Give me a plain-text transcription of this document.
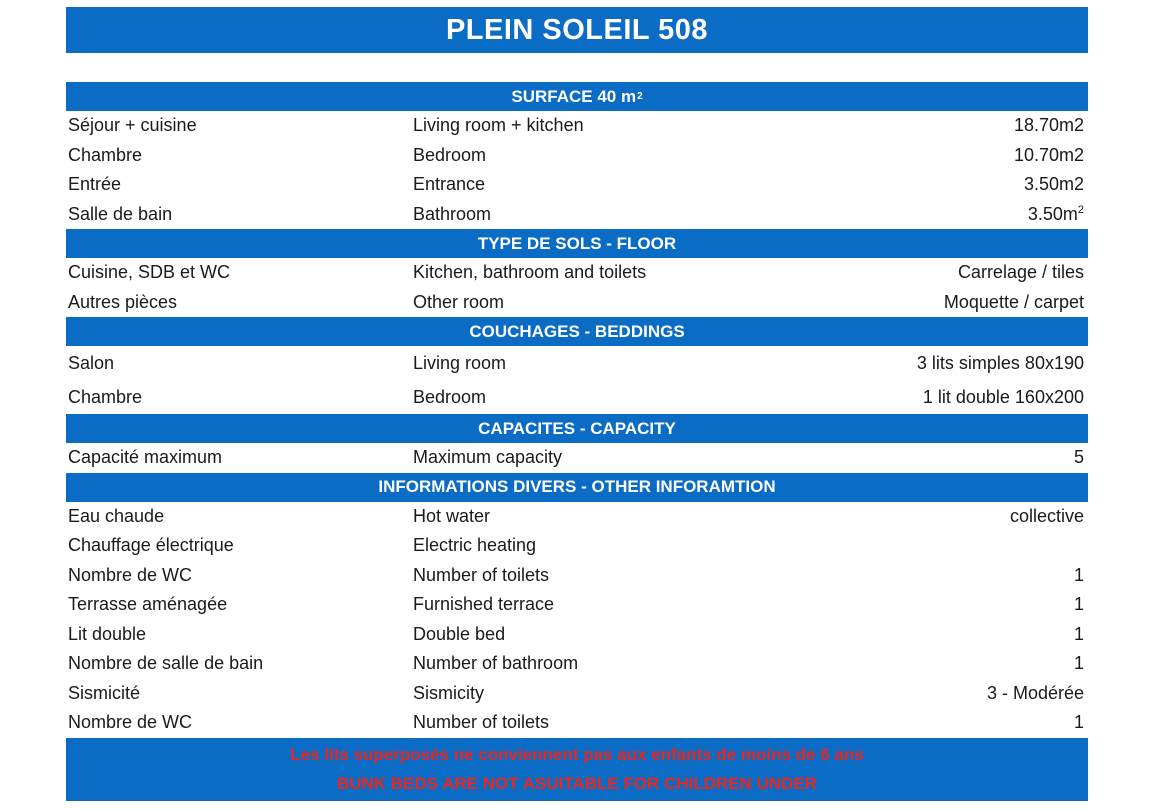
PLEIN SOLEIL 508
SURFACE 40 m 2
Séjour + cuisine	Living room + kitchen	18.70m2
Chambre	Bedroom	10.70m2
Entrée	Entrance	3.50m2
Salle de bain	Bathroom	$3.50m^2$
TYPE DE SOLS - FLOOR
Cuisine, SDB et WC	Kitchen, bathroom and toilets	Carrelage / tiles
Autres pièces	Other room	Moquette / carpet
COUCHAGES - BEDDINGS
Salon	Living room	3 lits simples 80x190
Chambre	Bedroom	1 lit double 160x200
CAPACITES - CAPACITY
Capacité maximum	Maximum capacity	5
INFORMATIONS DIVERS - OTHER INFORAMTION
Eau chaude	Hot water	collective
Chauffage électrique	Electric heating
Nombre de WC	Number of toilets	1
Terrasse aménagée	Furnished terrace	1
Lit double	Double bed	1
Nombre de salle de bain	Number of bathroom	1
Sismicité	Sismicity	3 - Modérée
Nombre de WC	Number of toilets	1
Les lits superposés ne conviennent pas aux enfants de moins de 6 ans
BUNK BEDS ARE NOT ASUITABLE FOR CHILDREN UNDER
